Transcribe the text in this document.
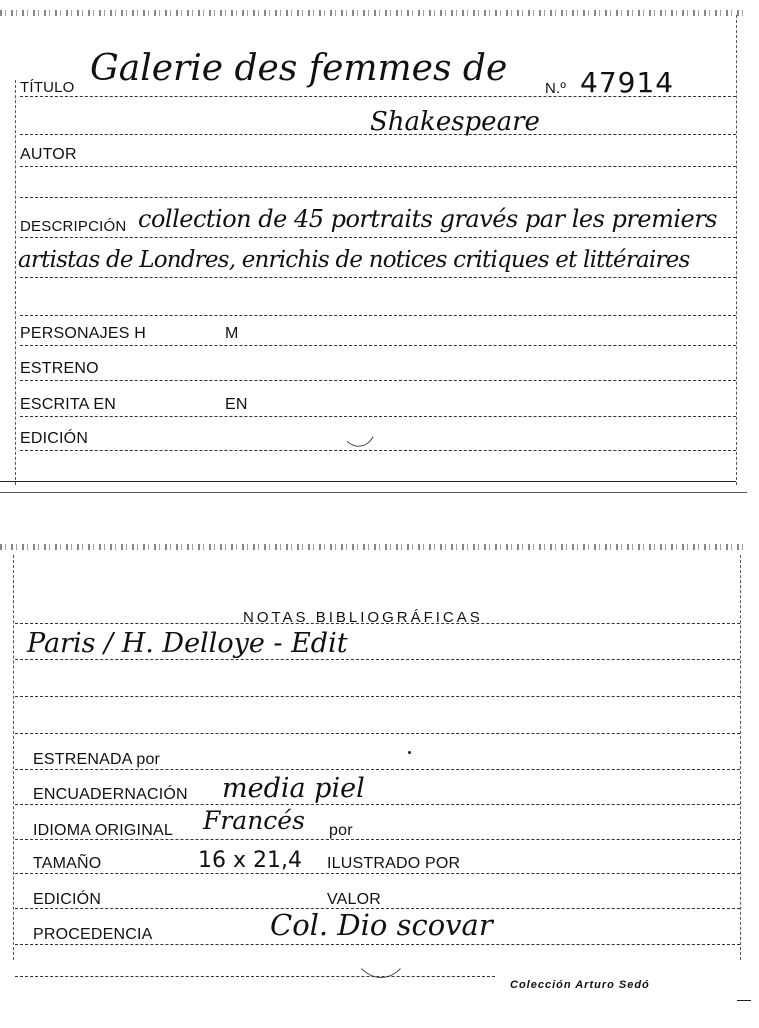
TÍTULO Galerie des femmes de	N.º 47914
Shakespeare
AUTOR
DESCRIPCIÓN collection de 45 portraits gravés par les premiers
artistas de Londres, enrichis de notices critiques et littéraires
PERSONAJES H	M
ESTRENO
ESCRITA EN	EN
EDICIÓN
NOTAS BIBLIOGRÁFICAS
Paris / H. Delloye - Edit
ESTRENADA por
ENCUADERNACIÓN media piel
IDIOMA ORIGINAL Francés por
TAMAÑO	16 x 21,4 ILUSTRADO POR
EDICIÓN	VALOR
PROCEDENCIA	Col. Dio scovar
Colección Arturo Sedó
